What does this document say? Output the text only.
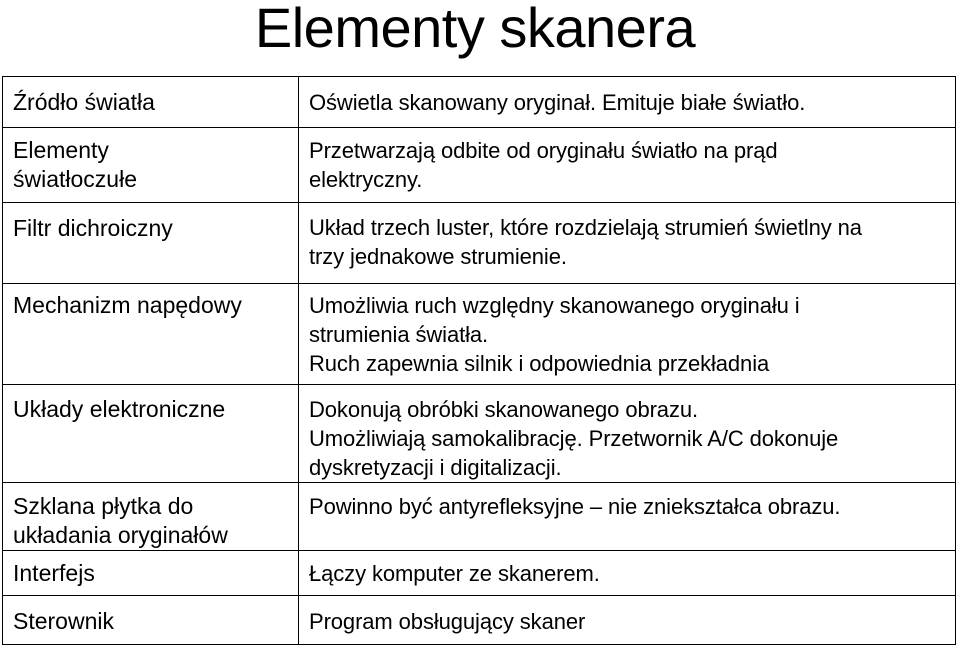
Elementy skanera
Źródło światła	Oświetla skanowany oryginał. Emituje białe światło.

Elementy
światłoczułe	Przetwarzają odbite od oryginału światło na prąd
elektryczny.

Filtr dichroiczny	Układ trzech luster, które rozdzielają strumień świetlny na
trzy jednakowe strumienie.

Mechanizm napędowy	Umożliwia ruch względny skanowanego oryginału i
strumienia światła.
Ruch zapewnia silnik i odpowiednia przekładnia

Układy elektroniczne	Dokonują obróbki skanowanego obrazu.
Umożliwiają samokalibrację. Przetwornik A/C dokonuje
dyskretyzacji i digitalizacji.

Szklana płytka do
układania oryginałów	Powinno być antyrefleksyjne – nie zniekształca obrazu.

Interfejs	Łączy komputer ze skanerem.

Sterownik	Program obsługujący skaner
